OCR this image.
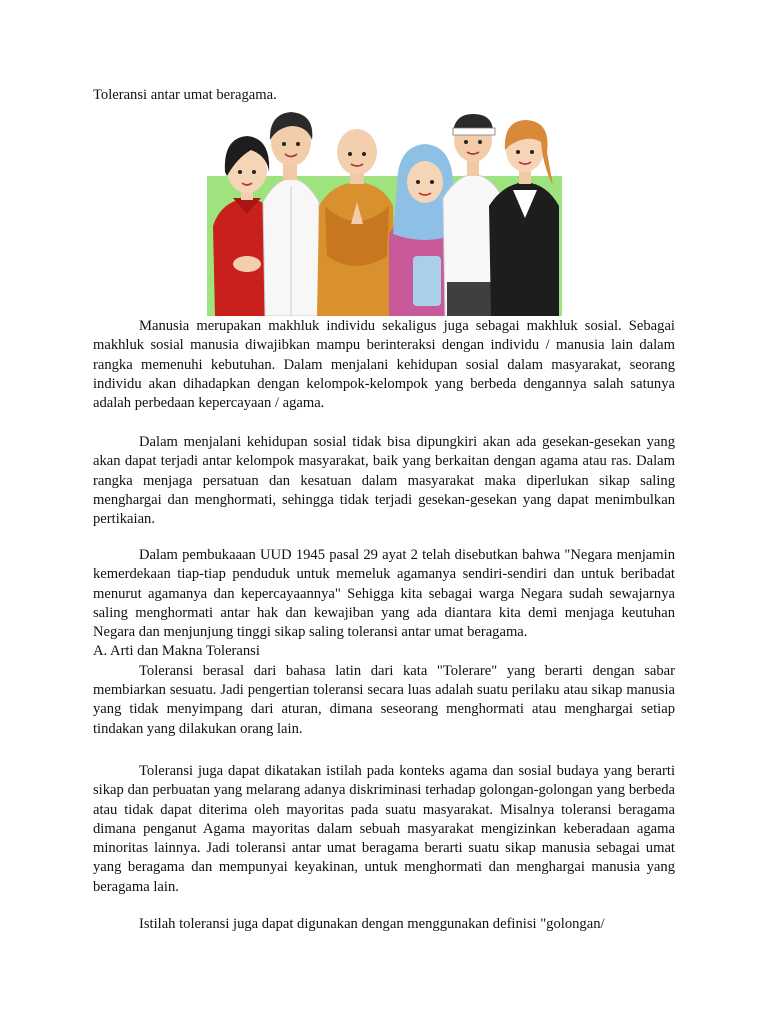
Toleransi antar umat beragama.

Manusia merupakan makhluk individu sekaligus juga sebagai makhluk sosial. Sebagai makhluk sosial manusia diwajibkan mampu berinteraksi dengan individu / manusia lain dalam rangka memenuhi kebutuhan. Dalam menjalani kehidupan sosial dalam masyarakat, seorang individu akan dihadapkan dengan kelompok-kelompok yang berbeda dengannya salah satunya adalah perbedaan kepercayaan / agama.

Dalam menjalani kehidupan sosial tidak bisa dipungkiri akan ada gesekan-gesekan yang akan dapat terjadi antar kelompok masyarakat, baik yang berkaitan dengan agama atau ras. Dalam rangka menjaga persatuan dan kesatuan dalam masyarakat maka diperlukan sikap saling menghargai dan menghormati, sehingga tidak terjadi gesekan-gesekan yang dapat menimbulkan pertikaian.

Dalam pembukaaan UUD 1945 pasal 29 ayat 2 telah disebutkan bahwa "Negara menjamin kemerdekaan tiap-tiap penduduk untuk memeluk agamanya sendiri-sendiri dan untuk beribadat menurut agamanya dan kepercayaannya" Sehigga kita sebagai warga Negara sudah sewajarnya saling menghormati antar hak dan kewajiban yang ada diantara kita demi menjaga keutuhan Negara dan menjunjung tinggi sikap saling toleransi antar umat beragama.

A. Arti dan Makna Toleransi

Toleransi berasal dari bahasa latin dari kata "Tolerare" yang berarti dengan sabar membiarkan sesuatu. Jadi pengertian toleransi secara luas adalah suatu perilaku atau sikap manusia yang tidak menyimpang dari aturan, dimana seseorang menghormati atau menghargai setiap tindakan yang dilakukan orang lain.

Toleransi juga dapat dikatakan istilah pada konteks agama dan sosial budaya yang berarti sikap dan perbuatan yang melarang adanya diskriminasi terhadap golongan-golongan yang berbeda atau tidak dapat diterima oleh mayoritas pada suatu masyarakat. Misalnya toleransi beragama dimana penganut Agama mayoritas dalam sebuah masyarakat mengizinkan keberadaan agama minoritas lainnya. Jadi toleransi antar umat beragama berarti suatu sikap manusia sebagai umat yang beragama dan mempunyai keyakinan, untuk menghormati dan menghargai manusia yang beragama lain.

Istilah toleransi juga dapat digunakan dengan menggunakan definisi "golongan/
